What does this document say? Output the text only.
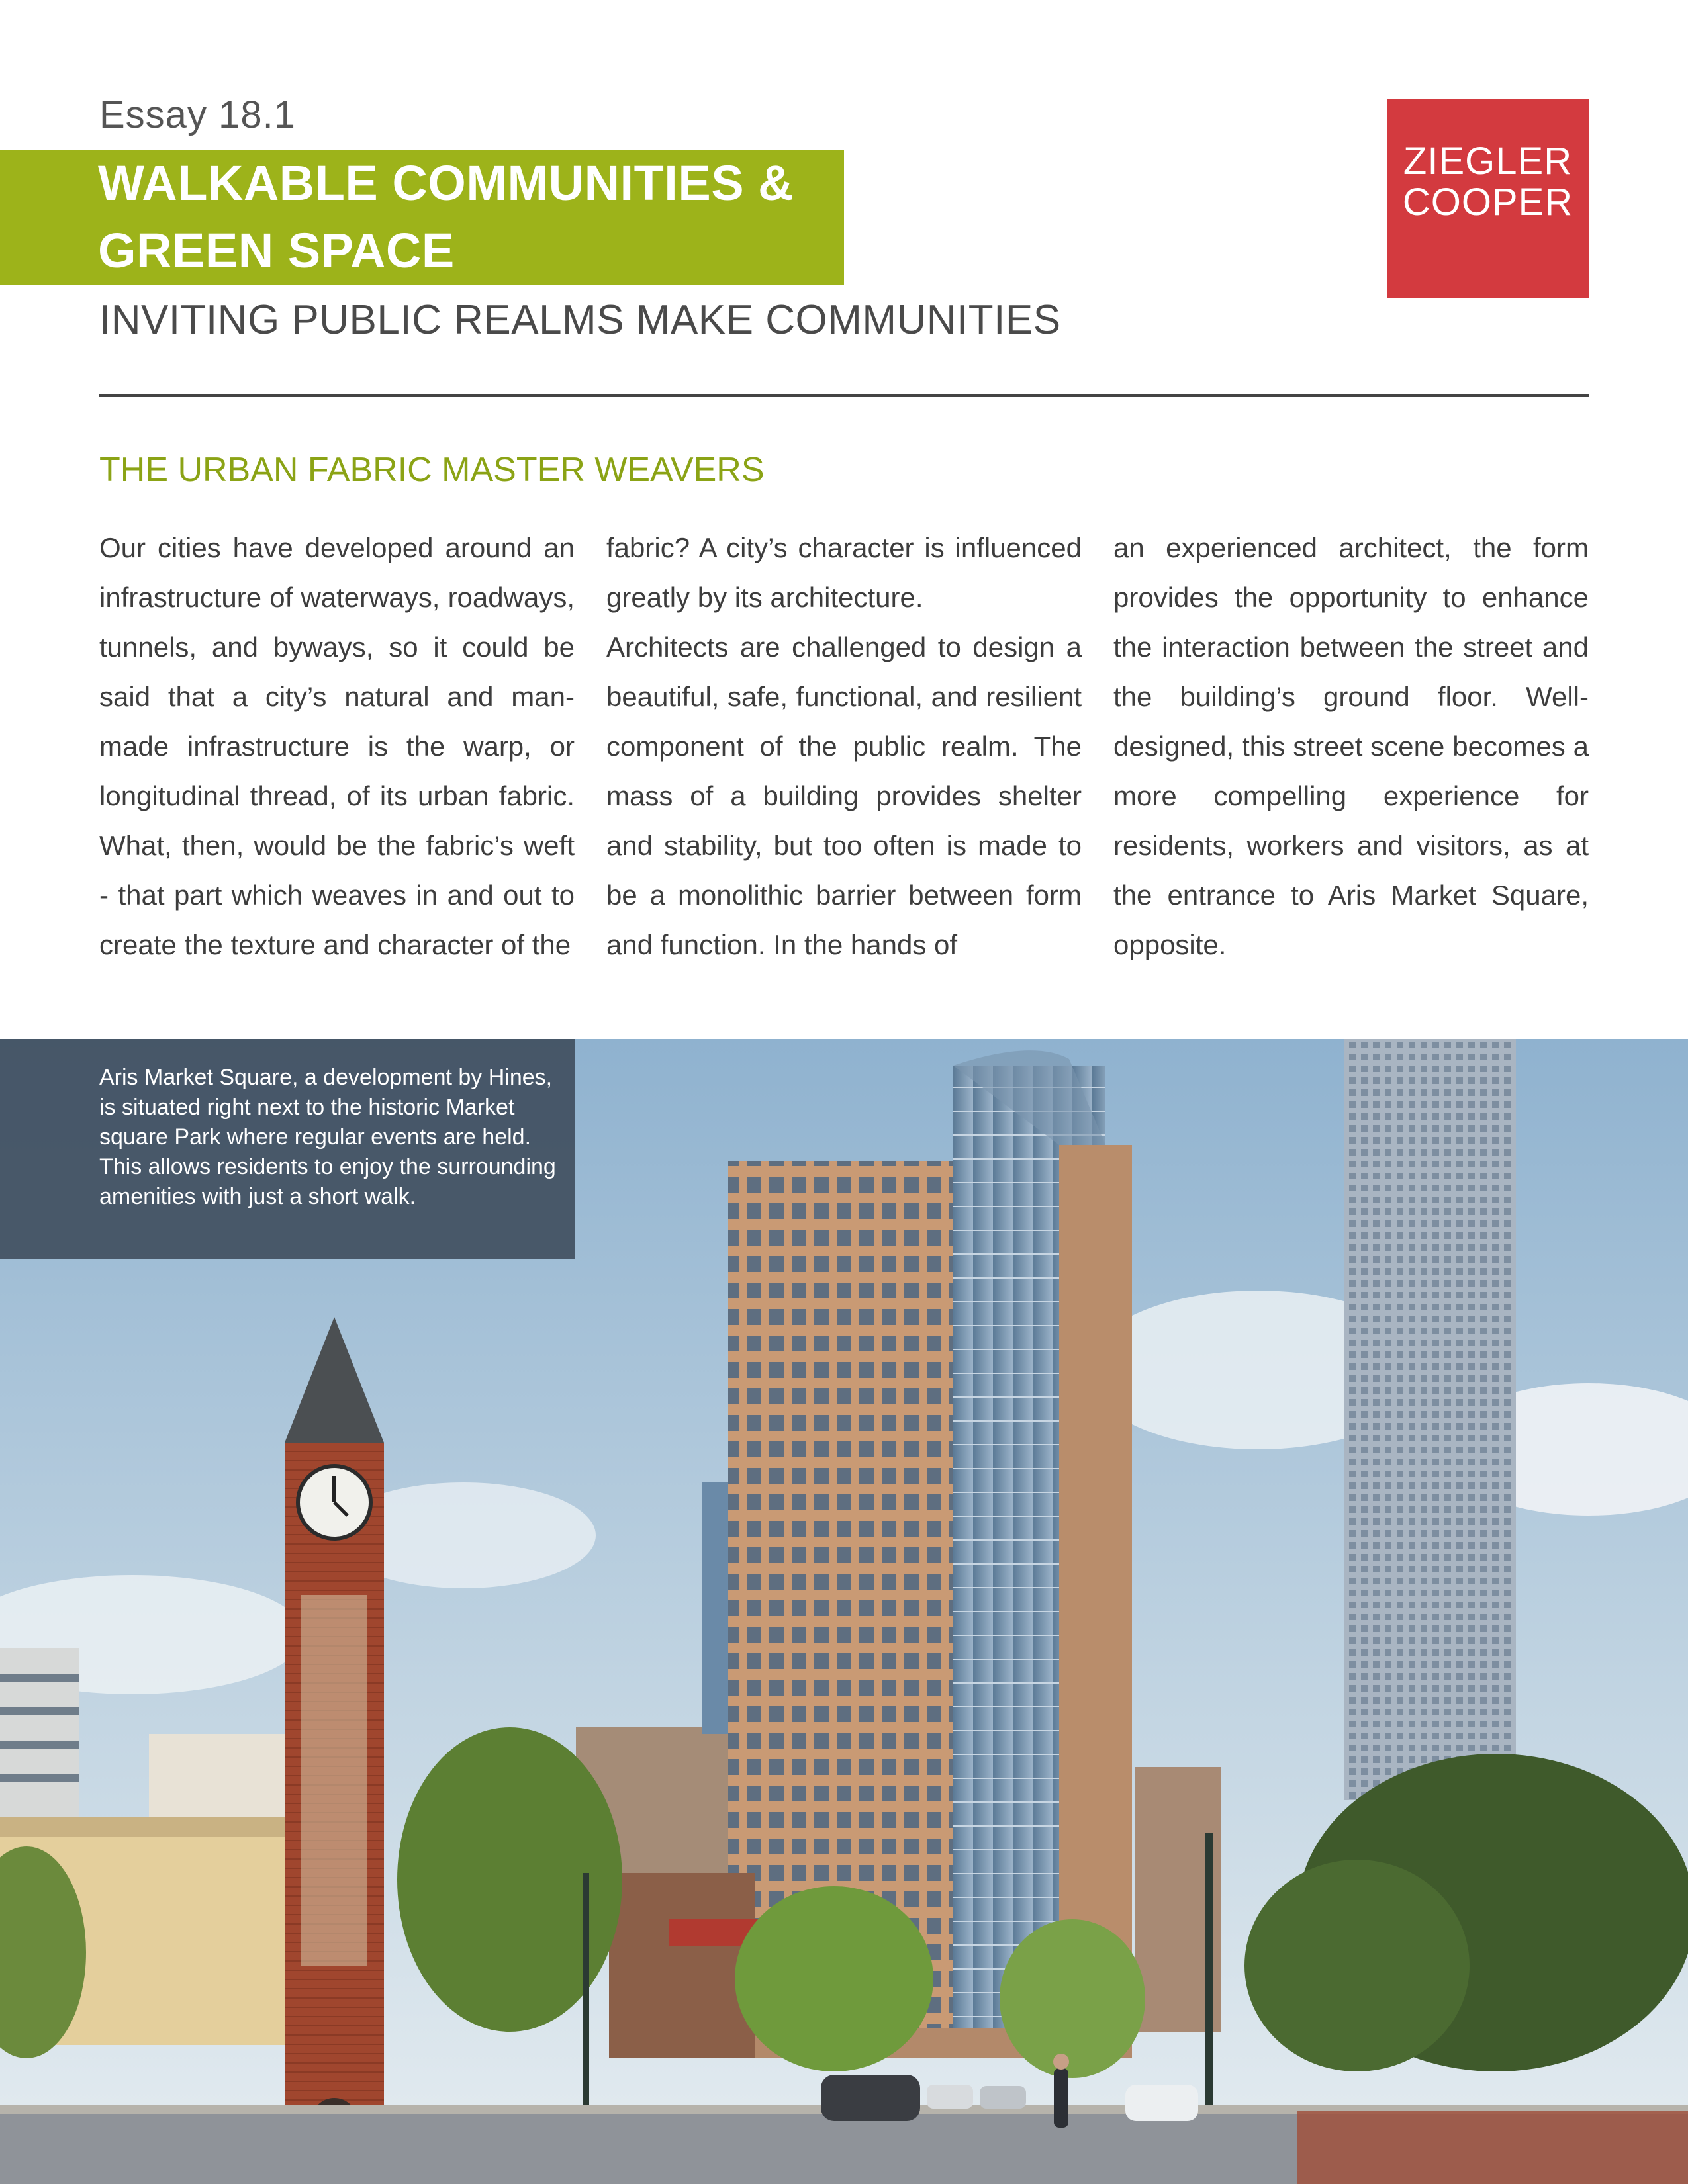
Essay 18.1
WALKABLE COMMUNITIES &
GREEN SPACE
INVITING PUBLIC REALMS MAKE COMMUNITIES
ZIEGLER
COOPER
THE URBAN FABRIC MASTER WEAVERS

Our cities have developed around an infrastructure of waterways, roadways, tunnels, and byways, so it could be said that a city’s natural and man-made infrastructure is the warp, or longitudinal thread, of its urban fabric. What, then, would be the fabric’s weft - that part which weaves in and out to create the texture and character of the

fabric? A city’s character is influenced greatly by its architecture.

Architects are challenged to design a beautiful, safe, functional, and resilient component of the public realm. The mass of a building provides shelter and stability, but too often is made to be a monolithic barrier between form and function. In the hands of

an experienced architect, the form provides the opportunity to enhance the interaction between the street and the building’s ground floor. Well-designed, this street scene becomes a more compelling experience for residents, workers and visitors, as at the entrance to Aris Market Square, opposite.

Aris Market Square, a development by Hines, is situated right next to the historic Market square Park where regular events are held. This allows residents to enjoy the surrounding amenities with just a short walk.
